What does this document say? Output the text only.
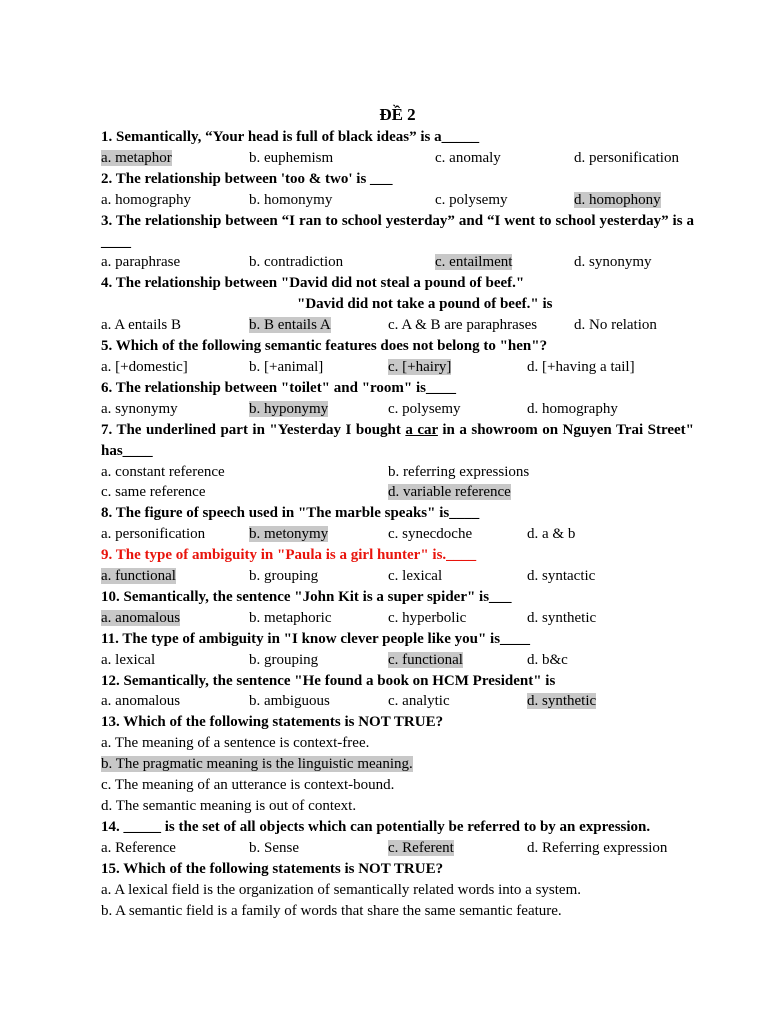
ĐỀ 2
1. Semantically, “Your head is full of black ideas” is a_____
a. metaphor	b. euphemism	c. anomaly	d. personification
2. The relationship between 'too & two' is ___
a. homography	b. homonymy	c. polysemy	d. homophony
3. The relationship between “I ran to school yesterday” and “I went to school yesterday” is a ____
a. paraphrase	b. contradiction	c. entailment	d. synonymy
4. The relationship between "David did not steal a pound of beef."
"David did not take a pound of beef." is
a. A entails B	b. B entails A	c. A & B are paraphrases	d. No relation
5. Which of the following semantic features does not belong to "hen"?
a. [+domestic]	b. [+animal]	c. [+hairy]	d. [+having a tail]
6. The relationship between "toilet" and "room" is____
a. synonymy	b. hyponymy	c. polysemy	d. homography
7. The underlined part in "Yesterday I bought a car in a showroom on Nguyen Trai Street" has____
a. constant reference	b. referring expressions
c. same reference	d. variable reference
8. The figure of speech used in "The marble speaks" is____
a. personification	b. metonymy	c. synecdoche	d. a & b
9. The type of ambiguity in "Paula is a girl hunter" is.____
a. functional	b. grouping	c. lexical	d. syntactic
10. Semantically, the sentence "John Kit is a super spider" is___
a. anomalous	b. metaphoric	c. hyperbolic	d. synthetic
11. The type of ambiguity in "I know clever people like you" is____
a. lexical	b. grouping	c. functional	d. b&c
12. Semantically, the sentence "He found a book on HCM President" is
a. anomalous	b. ambiguous	c. analytic	d. synthetic
13. Which of the following statements is NOT TRUE?
a. The meaning of a sentence is context-free.
b. The pragmatic meaning is the linguistic meaning.
c. The meaning of an utterance is context-bound.
d. The semantic meaning is out of context.
14. _____ is the set of all objects which can potentially be referred to by an expression.
a. Reference	b. Sense	c. Referent	d. Referring expression
15. Which of the following statements is NOT TRUE?
a. A lexical field is the organization of semantically related words into a system.
b. A semantic field is a family of words that share the same semantic feature.
